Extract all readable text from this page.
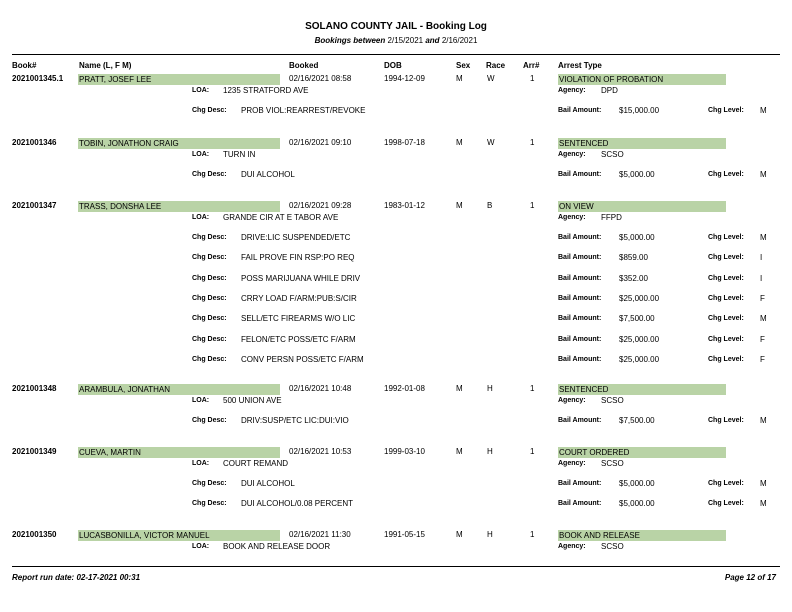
SOLANO COUNTY JAIL - Booking Log
Bookings between 2/15/2021 and 2/16/2021
Book#	Name (L, F M)	Booked	DOB	Sex Race Arr# Arrest Type
2021001345.1 PRATT, JOSEF LEE	02/16/2021 08:58	1994-12-09	M	W	1	VIOLATION OF PROBATION
LOA: 1235 STRATFORD AVE	Agency: DPD
Chg Desc: PROB VIOL:REARREST/REVOKE	Bail Amount: $15,000.00	Chg Level: M
2021001346	TOBIN, JONATHON CRAIG	02/16/2021 09:10	1998-07-18	M	W	1	SENTENCED
LOA: TURN IN	Agency: SCSO
Chg Desc: DUI ALCOHOL	Bail Amount: $5,000.00	Chg Level: M
2021001347	TRASS, DONSHA LEE	02/16/2021 09:28	1983-01-12	M	B	1	ON VIEW
LOA: GRANDE CIR AT E TABOR AVE	Agency: FFPD
Chg Desc: DRIVE:LIC SUSPENDED/ETC	Bail Amount: $5,000.00	Chg Level: M
Chg Desc: FAIL PROVE FIN RSP:PO REQ	Bail Amount: $859.00	Chg Level: I
Chg Desc: POSS MARIJUANA WHILE DRIV	Bail Amount: $352.00	Chg Level: I
Chg Desc: CRRY LOAD F/ARM:PUB:S/CIR	Bail Amount: $25,000.00	Chg Level: F
Chg Desc: SELL/ETC FIREARMS W/O LIC	Bail Amount: $7,500.00	Chg Level: M
Chg Desc: FELON/ETC POSS/ETC F/ARM	Bail Amount: $25,000.00	Chg Level: F
Chg Desc: CONV PERSN POSS/ETC F/ARM	Bail Amount: $25,000.00	Chg Level: F
2021001348	ARAMBULA, JONATHAN	02/16/2021 10:48	1992-01-08	M	H	1	SENTENCED
LOA: 500 UNION AVE	Agency: SCSO
Chg Desc: DRIV:SUSP/ETC LIC:DUI:VIO	Bail Amount: $7,500.00	Chg Level: M
2021001349	CUEVA, MARTIN	02/16/2021 10:53	1999-03-10	M	H	1	COURT ORDERED
LOA: COURT REMAND	Agency: SCSO
Chg Desc: DUI ALCOHOL	Bail Amount: $5,000.00	Chg Level: M
Chg Desc: DUI ALCOHOL/0.08 PERCENT	Bail Amount: $5,000.00	Chg Level: M
2021001350	LUCASBONILLA, VICTOR MANUEL	02/16/2021 11:30	1991-05-15	M	H	1	BOOK AND RELEASE
LOA: BOOK AND RELEASE DOOR	Agency: SCSO
Report run date: 02-17-2021 00:31	Page 12 of 17
